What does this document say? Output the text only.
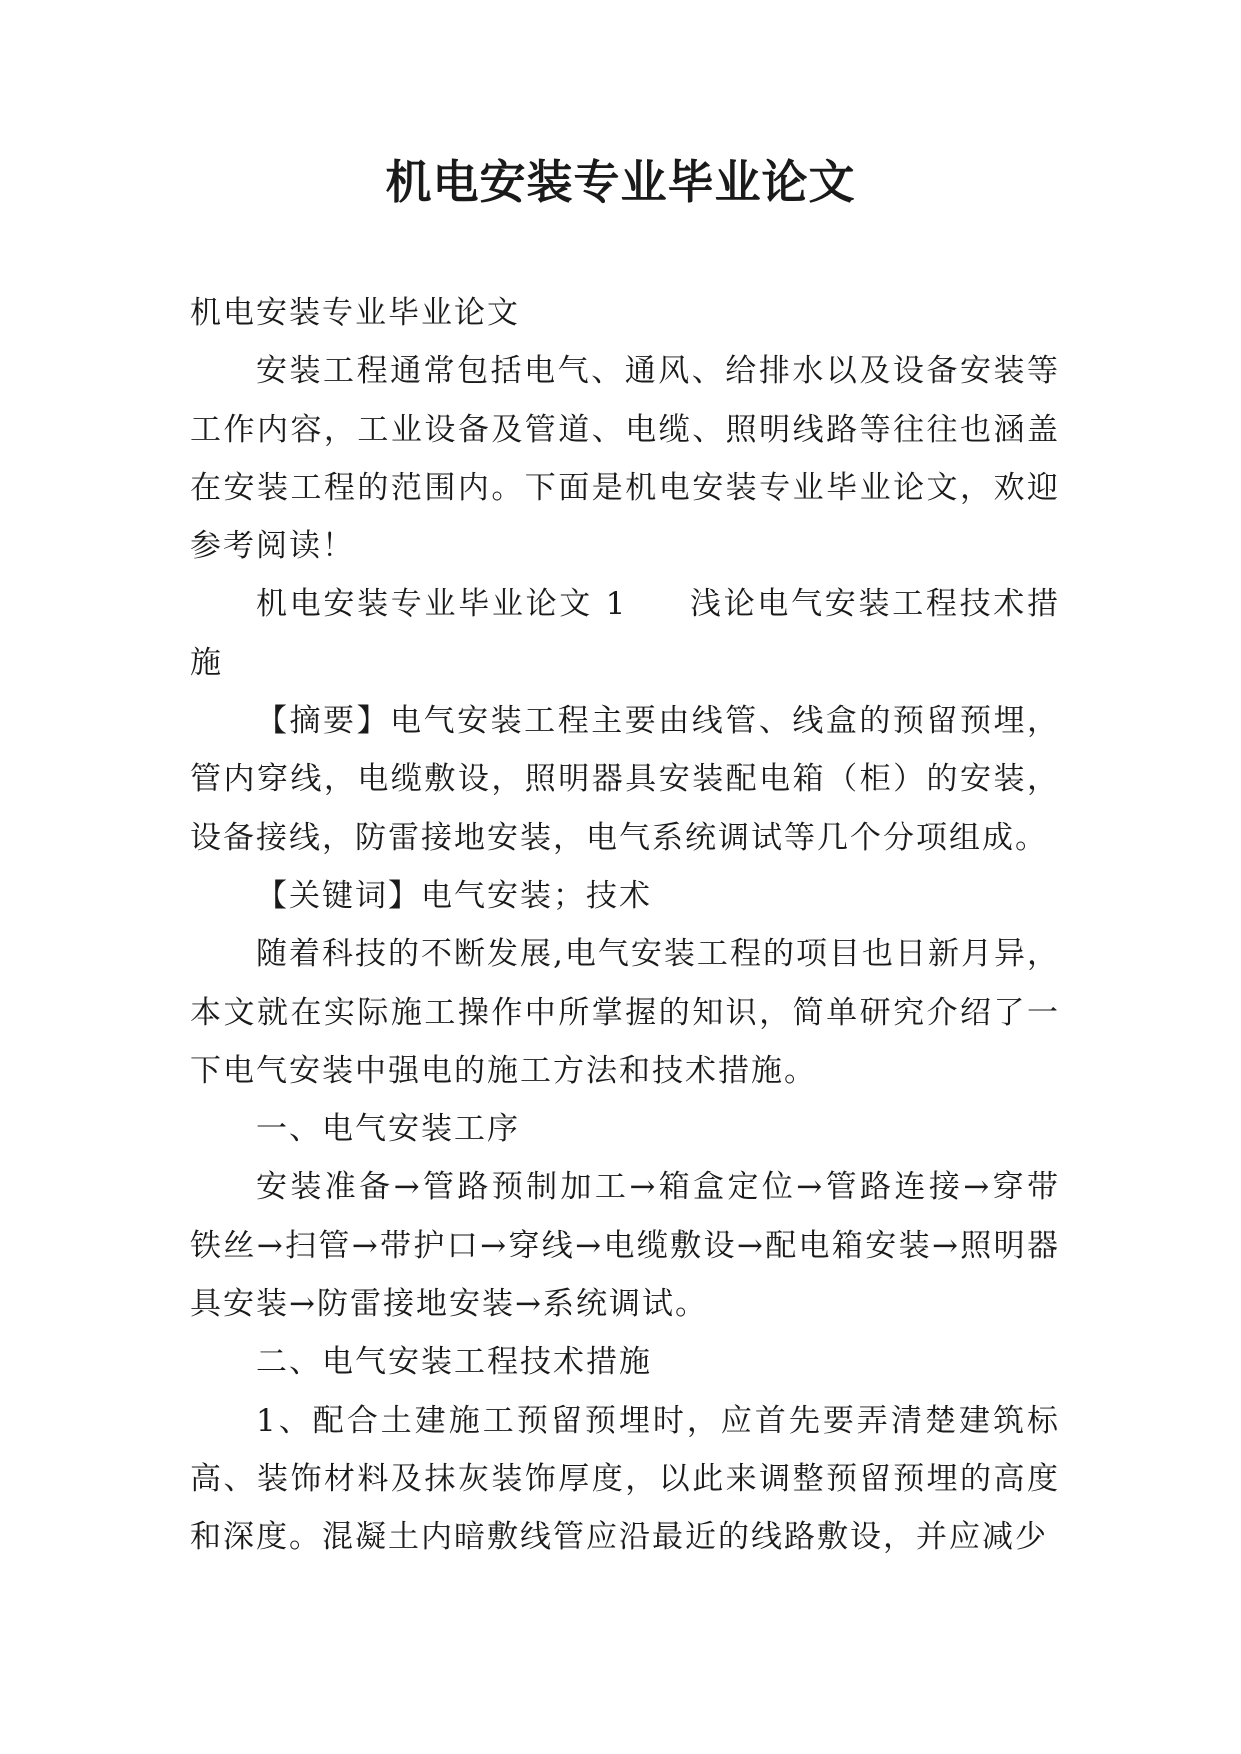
机电安装专业毕业论文

机电安装专业毕业论文

安装工程通常包括电气、通风、给排水以及设备安装等工作内容，工业设备及管道、电缆、照明线路等往往也涵盖在安装工程的范围内。下面是机电安装专业毕业论文，欢迎参考阅读！

机电安装专业毕业论文 1 浅论电气安装工程技术措施

【摘要】电气安装工程主要由线管、线盒的预留预埋，管内穿线，电缆敷设，照明器具安装配电箱（柜）的安装，设备接线，防雷接地安装，电气系统调试等几个分项组成。

【关键词】电气安装；技术

随着科技的不断发展,电气安装工程的项目也日新月异，本文就在实际施工操作中所掌握的知识，简单研究介绍了一下电气安装中强电的施工方法和技术措施。

一、电气安装工序

安装准备→管路预制加工→箱盒定位→管路连接→穿带铁丝→扫管→带护口→穿线→电缆敷设→配电箱安装→照明器具安装→防雷接地安装→系统调试。

二、电气安装工程技术措施

1、配合土建施工预留预埋时，应首先要弄清楚建筑标高、装饰材料及抹灰装饰厚度，以此来调整预留预埋的高度和深度。混凝土内暗敷线管应沿最近的线路敷设，并应减少
